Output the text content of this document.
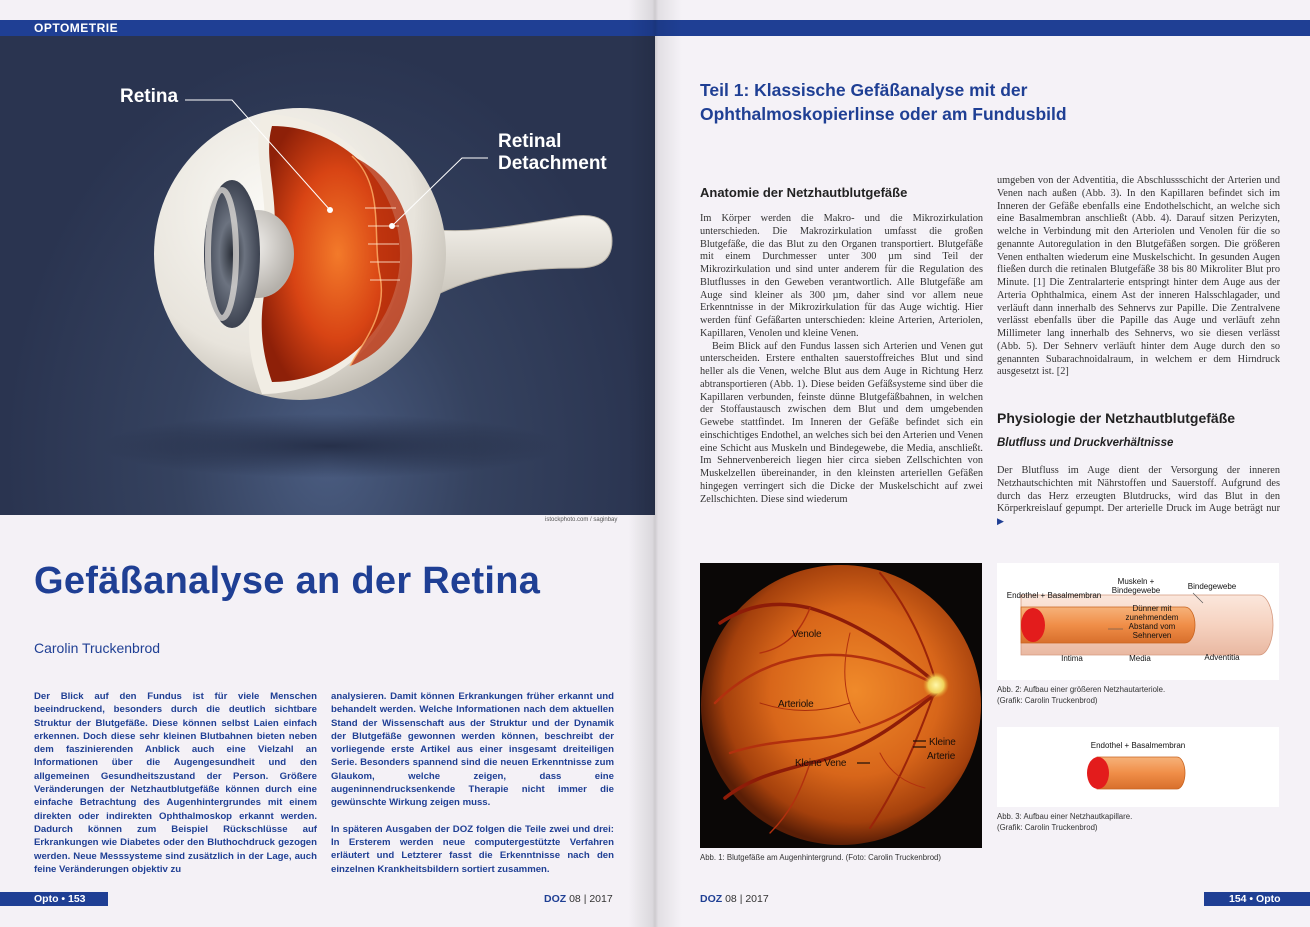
OPTOMETRIE
Retina
Retinal
Detachment
istockphoto.com / saginbay
Gefäßanalyse an der Retina
Carolin Truckenbrod

Der Blick auf den Fundus ist für viele Menschen beeindruckend, besonders durch die deutlich sichtbare Struktur der Blutgefäße. Diese können selbst Laien einfach erkennen. Doch diese sehr kleinen Blutbahnen bieten neben dem faszinierenden Anblick auch eine Vielzahl an Informationen über die Augengesundheit und den allgemeinen Gesundheitszustand der Person. Größere Veränderungen der Netzhautblutgefäße können durch eine einfache Betrachtung des Augenhintergrundes mit einem direkten oder indirekten Ophthalmoskop erkannt werden. Dadurch können zum Beispiel Rückschlüsse auf Erkrankungen wie Diabetes oder den Bluthochdruck gezogen werden. Neue Messsysteme sind zusätzlich in der Lage, auch feine Veränderungen objektiv zu

analysieren. Damit können Erkrankungen früher erkannt und behandelt werden. Welche Informationen nach dem aktuellen Stand der Wissenschaft aus der Struktur und der Dynamik der Blutgefäße gewonnen werden können, beschreibt der vorliegende erste Artikel aus einer insgesamt dreiteiligen Serie. Besonders spannend sind die neuen Erkenntnisse zum Glaukom, welche zeigen, dass eine augeninnendrucksenkende Therapie nicht immer die gewünschte Wirkung zeigen muss.

In späteren Ausgaben der DOZ folgen die Teile zwei und drei: In Ersterem werden neue computergestützte Verfahren erläutert und Letzterer fasst die Erkenntnisse nach den einzelnen Krankheitsbildern sortiert zusammen.

Opto • 153	DOZ 08 | 2017
Teil 1: Klassische Gefäßanalyse mit der Ophthalmoskopierlinse oder am Fundusbild
Anatomie der Netzhautblutgefäße

Im Körper werden die Makro- und die Mikrozirkulation unterschieden. Die Makrozirkulation umfasst die großen Blutgefäße, die das Blut zu den Organen transportiert. Blutgefäße mit einem Durchmesser unter 300 µm sind Teil der Mikrozirkulation und sind unter anderem für die Regulation des Blutflusses in den Geweben verantwortlich. Alle Blutgefäße am Auge sind kleiner als 300 µm, daher sind vor allem neue Erkenntnisse in der Mikrozirkulation für das Auge wichtig. Hier werden fünf Gefäßarten unterschieden: kleine Arterien, Arteriolen, Kapillaren, Venolen und kleine Venen.

Beim Blick auf den Fundus lassen sich Arterien und Venen gut unterscheiden. Erstere enthalten sauerstoffreiches Blut und sind heller als die Venen, welche Blut aus dem Auge in Richtung Herz abtransportieren (Abb. 1). Diese beiden Gefäßsysteme sind über die Kapillaren verbunden, feinste dünne Blutgefäßbahnen, in welchen der Stoffaustausch zwischen dem Blut und dem umgebenden Gewebe stattfindet. Im Inneren der Gefäße befindet sich ein einschichtiges Endothel, an welches sich bei den Arterien und Venen eine Schicht aus Muskeln und Bindegewebe, die Media, anschließt. Im Sehnervenbereich liegen hier circa sieben Zellschichten von Muskelzellen übereinander, in den kleinsten arteriellen Gefäßen hingegen verringert sich die Dicke der Muskelschicht auf zwei Zellschichten. Diese sind wiederum

umgeben von der Adventitia, die Abschlussschicht der Arterien und Venen nach außen (Abb. 3). In den Kapillaren befindet sich im Inneren der Gefäße ebenfalls eine Endothelschicht, an welche sich eine Basalmembran anschließt (Abb. 4). Darauf sitzen Perizyten, welche in Verbindung mit den Arteriolen und Venolen für die so genannte Autoregulation in den Blutgefäßen sorgen. Die größeren Venen enthalten wiederum eine Muskelschicht. In gesunden Augen fließen durch die retinalen Blutgefäße 38 bis 80 Mikroliter Blut pro Minute. [1] Die Zentralarterie entspringt hinter dem Auge aus der Arteria Ophthalmica, einem Ast der inneren Halsschlagader, und verläuft dann innerhalb des Sehnervs zur Papille. Die Zentralvene verlässt ebenfalls über die Papille das Auge und verläuft zehn Millimeter lang innerhalb des Sehnervs, wo sie diesen verlässt (Abb. 5). Der Sehnerv verläuft hinter dem Auge durch den so genannten Subarachnoidalraum, in welchem er dem Hirndruck ausgesetzt ist. [2]

Physiologie der Netzhautblutgefäße
Blutfluss und Druckverhältnisse

Der Blutfluss im Auge dient der Versorgung der inneren Netzhautschichten mit Nährstoffen und Sauerstoff. Aufgrund des durch das Herz erzeugten Blutdrucks, wird das Blut in den Körperkreislauf gepumpt. Der arterielle Druck im Auge beträgt nur ▶

Venole
Arteriole
Kleine Vene
Kleine
Arterie
Abb. 1: Blutgefäße am Augenhintergrund. (Foto: Carolin Truckenbrod)
Endothel + Basalmembran
Muskeln +
Bindegewebe	Bindegewebe
Dünner mit
zunehmendem
Abstand vom
Sehnerven
Intima	Media	Adventitia
Abb. 2: Aufbau einer größeren Netzhautarteriole.
(Grafik: Carolin Truckenbrod)
Endothel + Basalmembran
Abb. 3: Aufbau einer Netzhautkapillare.
(Grafik: Carolin Truckenbrod)
DOZ 08 | 2017	154 • Opto
